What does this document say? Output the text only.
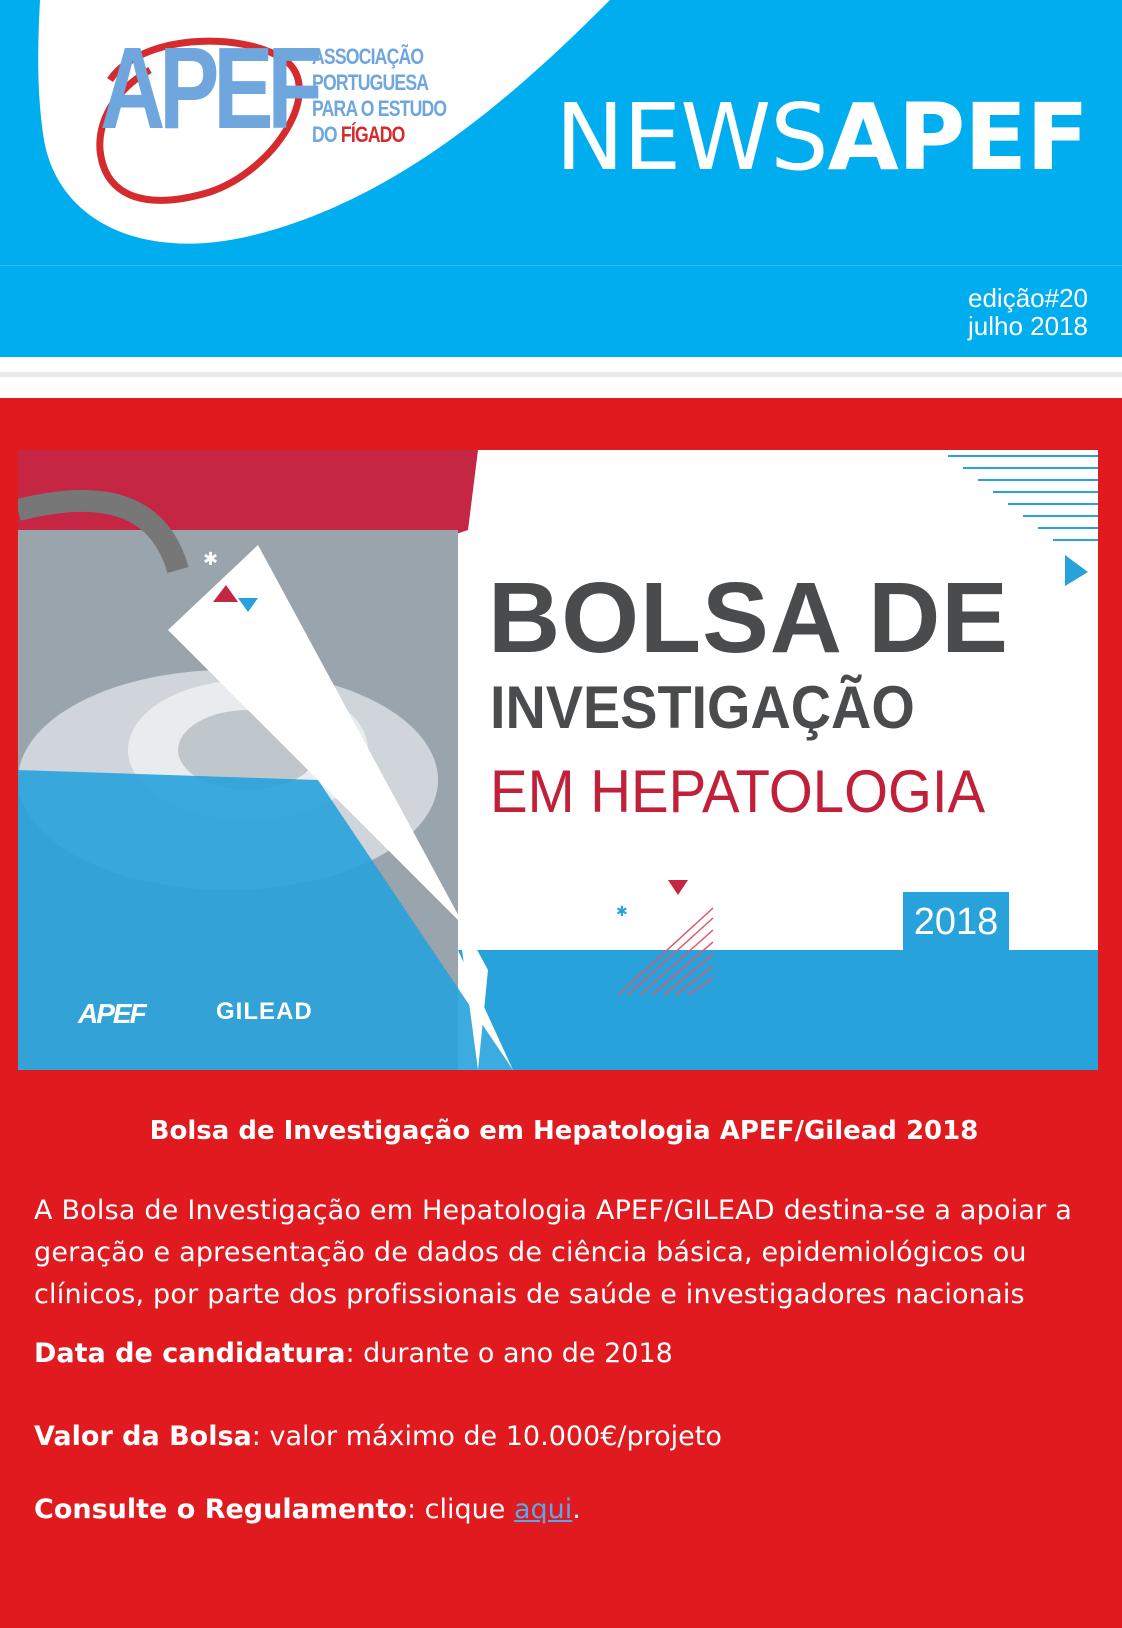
APEF
ASSOCIAÇÃO
PORTUGUESA
PARA O ESTUDO
DO FÍGADO	NEWSAPEF
edição#20
julho 2018
✱
✱
BOLSA DE
INVESTIGAÇÃO
EM HEPATOLOGIA
2018
APEF	GILEAD
Bolsa de Investigação em Hepatologia APEF/Gilead 2018
A Bolsa de Investigação em Hepatologia APEF/GILEAD destina-se a apoiar a geração e apresentação de dados de ciência básica, epidemiológicos ou clínicos, por parte dos profissionais de saúde e investigadores nacionais
Data de candidatura: durante o ano de 2018
Valor da Bolsa: valor máximo de 10.000€/projeto
Consulte o Regulamento: clique aqui.
